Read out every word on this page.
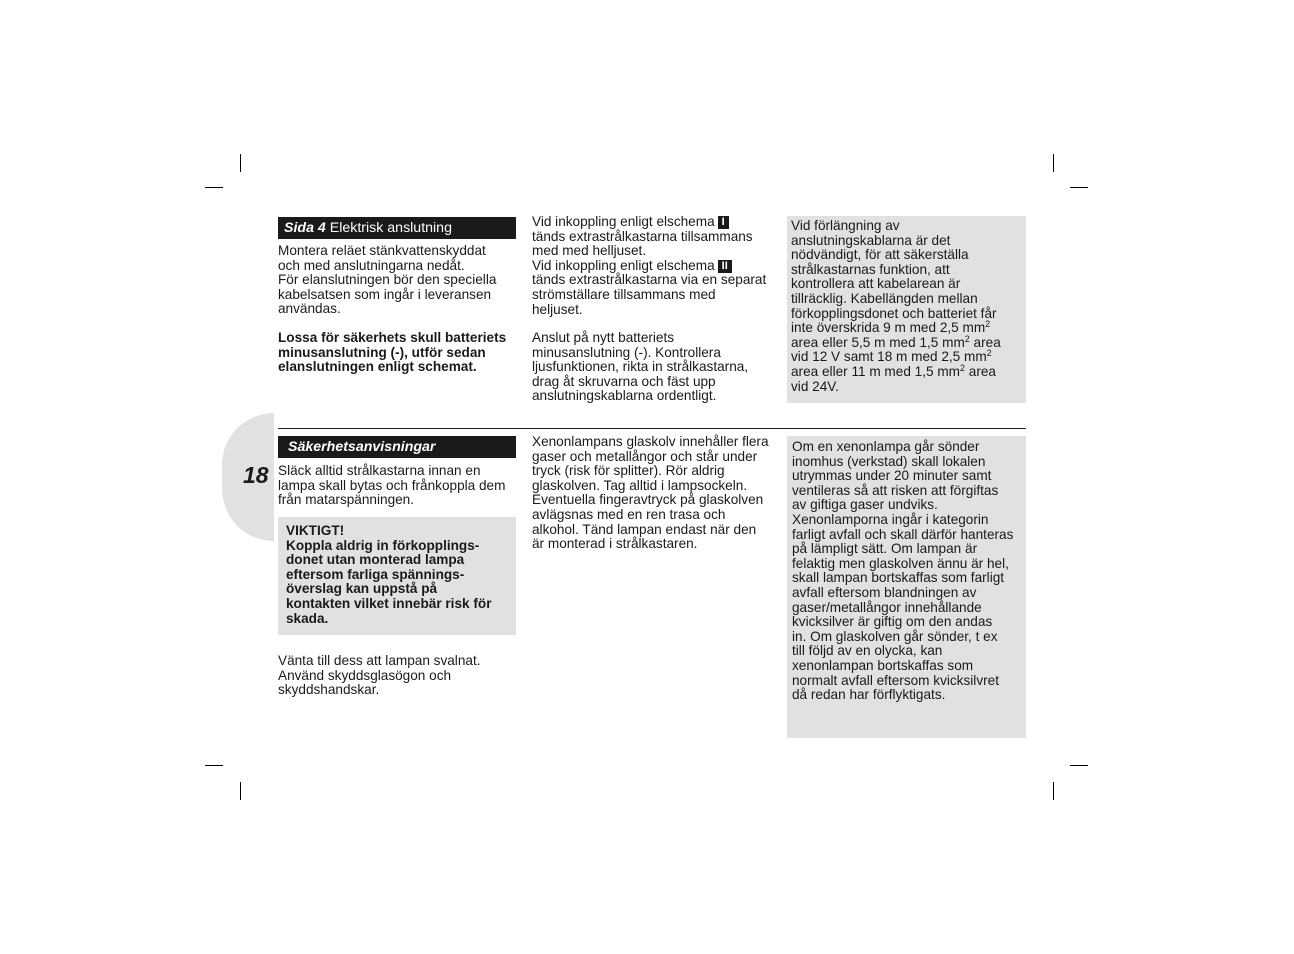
18
Sida 4 Elektrisk anslutning

Montera reläet stänkvattenskyddat
och med anslutningarna nedåt.
För elanslutningen bör den speciella
kabelsatsen som ingår i leveransen
användas.

Lossa för säkerhets skull batteriets
minusanslutning (-), utför sedan
elanslutningen enligt schemat.

Vid inkoppling enligt elschema I
tänds extrastrålkastarna tillsammans
med med helljuset.
Vid inkoppling enligt elschema II
tänds extrastrålkastarna via en separat
strömställare tillsammans med
heljuset.

Anslut på nytt batteriets
minusanslutning (-). Kontrollera
ljusfunktionen, rikta in strålkastarna,
drag åt skruvarna och fäst upp
anslutningskablarna ordentligt.

Vid förlängning av
anslutningskablarna är det
nödvändigt, för att säkerställa
strålkastarnas funktion, att
kontrollera att kabelarean är
tillräcklig. Kabellängden mellan
förkopplingsdonet och batteriet får
inte överskrida 9 m med 2,5 $mm^2$
area eller 5,5 m med 1,5 $mm^2$ area
vid 12 V samt 18 m med 2,5 $mm^2$
area eller 11 m med 1,5 $mm^2$ area
vid 24V.

Säkerhetsanvisningar

Släck alltid strålkastarna innan en
lampa skall bytas och frånkoppla dem
från matarspänningen.

VIKTIGT!
Koppla aldrig in förkopplings-
donet utan monterad lampa
eftersom farliga spännings-
överslag kan uppstå på
kontakten vilket innebär risk för
skada.

Vänta till dess att lampan svalnat.
Använd skyddsglasögon och
skyddshandskar.

Xenonlampans glaskolv innehåller flera
gaser och metallångor och står under
tryck (risk för splitter). Rör aldrig
glaskolven. Tag alltid i lampsockeln.
Eventuella fingeravtryck på glaskolven
avlägsnas med en ren trasa och
alkohol. Tänd lampan endast när den
är monterad i strålkastaren.

Om en xenonlampa går sönder
inomhus (verkstad) skall lokalen
utrymmas under 20 minuter samt
ventileras så att risken att förgiftas
av giftiga gaser undviks.
Xenonlamporna ingår i kategorin
farligt avfall och skall därför hanteras
på lämpligt sätt. Om lampan är
felaktig men glaskolven ännu är hel,
skall lampan bortskaffas som farligt
avfall eftersom blandningen av
gaser/metallångor innehållande
kvicksilver är giftig om den andas
in. Om glaskolven går sönder, t ex
till följd av en olycka, kan
xenonlampan bortskaffas som
normalt avfall eftersom kvicksilvret
då redan har förflyktigats.
